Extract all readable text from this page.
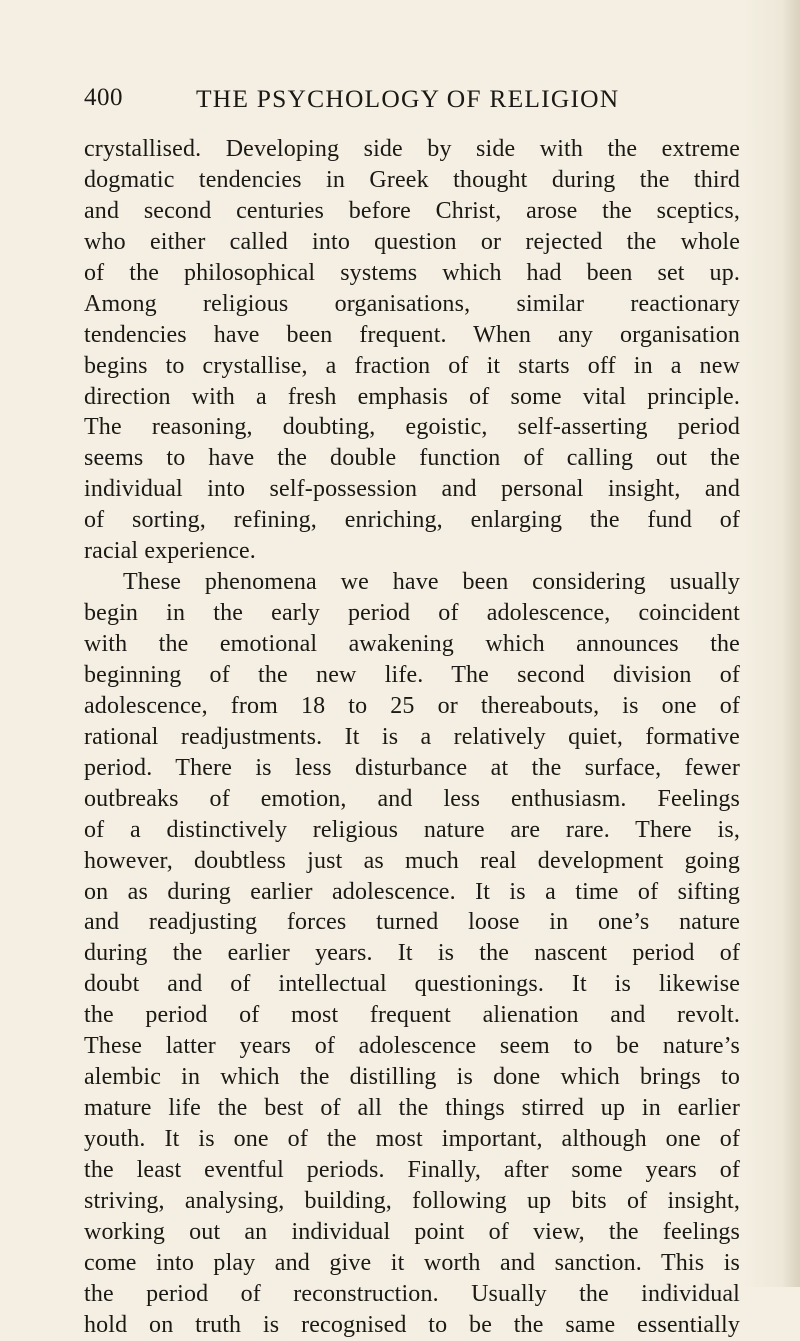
400	THE PSYCHOLOGY OF RELIGION
crystallised. Developing side by side with the extreme
dogmatic tendencies in Greek thought during the third
and second centuries before Christ, arose the sceptics,
who either called into question or rejected the whole
of the philosophical systems which had been set up.
Among religious organisations, similar reactionary
tendencies have been frequent. When any organisation
begins to crystallise, a fraction of it starts off in a new
direction with a fresh emphasis of some vital principle.
The reasoning, doubting, egoistic, self-asserting period
seems to have the double function of calling out the
individual into self-possession and personal insight, and
of sorting, refining, enriching, enlarging the fund of
racial experience.
These phenomena we have been considering usually
begin in the early period of adolescence, coincident
with the emotional awakening which announces the
beginning of the new life. The second division of
adolescence, from 18 to 25 or thereabouts, is one of
rational readjustments. It is a relatively quiet, formative
period. There is less disturbance at the surface, fewer
outbreaks of emotion, and less enthusiasm. Feelings
of a distinctively religious nature are rare. There is,
however, doubtless just as much real development going
on as during earlier adolescence. It is a time of sifting
and readjusting forces turned loose in one’s nature
during the earlier years. It is the nascent period of
doubt and of intellectual questionings. It is likewise
the period of most frequent alienation and revolt.
These latter years of adolescence seem to be nature’s
alembic in which the distilling is done which brings to
mature life the best of all the things stirred up in earlier
youth. It is one of the most important, although one of
the least eventful periods. Finally, after some years of
striving, analysing, building, following up bits of insight,
working out an individual point of view, the feelings
come into play and give it worth and sanction. This is
the period of reconstruction. Usually the individual
hold on truth is recognised to be the same essentially
